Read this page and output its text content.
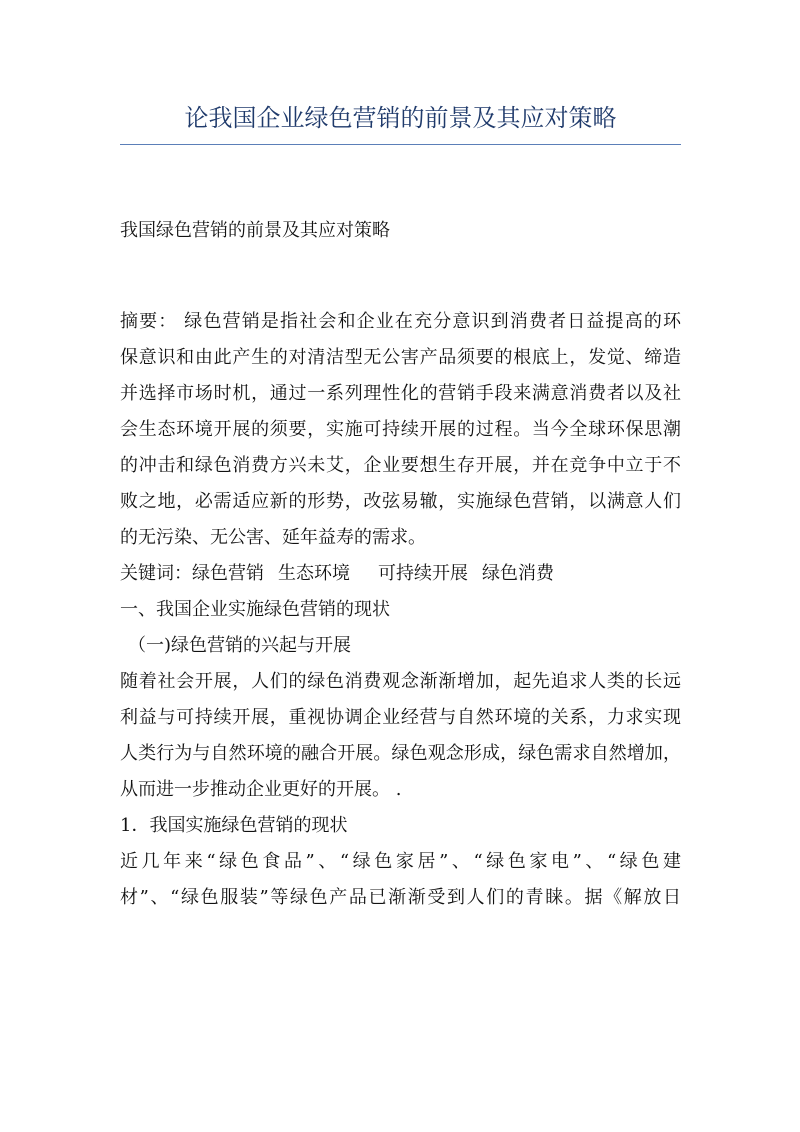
论我国企业绿色营销的前景及其应对策略
我国绿色营销的前景及其应对策略
摘要： 绿色营销是指社会和企业在充分意识到消费者日益提高的环
保意识和由此产生的对清洁型无公害产品须要的根底上，发觉、缔造
并选择市场时机，通过一系列理性化的营销手段来满意消费者以及社
会生态环境开展的须要，实施可持续开展的过程。当今全球环保思潮
的冲击和绿色消费方兴未艾，企业要想生存开展，并在竞争中立于不
败之地，必需适应新的形势，改弦易辙，实施绿色营销，以满意人们
的无污染、无公害、延年益寿的需求。
关键词：绿色营销 生态环境 可持续开展 绿色消费
一、我国企业实施绿色营销的现状
（一)绿色营销的兴起与开展
随着社会开展，人们的绿色消费观念渐渐增加，起先追求人类的长远
利益与可持续开展，重视协调企业经营与自然环境的关系，力求实现
人类行为与自然环境的融合开展。绿色观念形成，绿色需求自然增加，
从而进一步推动企业更好的开展。 .
1．我国实施绿色营销的现状
近几年来“绿色食品”、“绿色家居”、“绿色家电”、“绿色建
材”、“绿色服装”等绿色产品已渐渐受到人们的青睐。据《解放日
